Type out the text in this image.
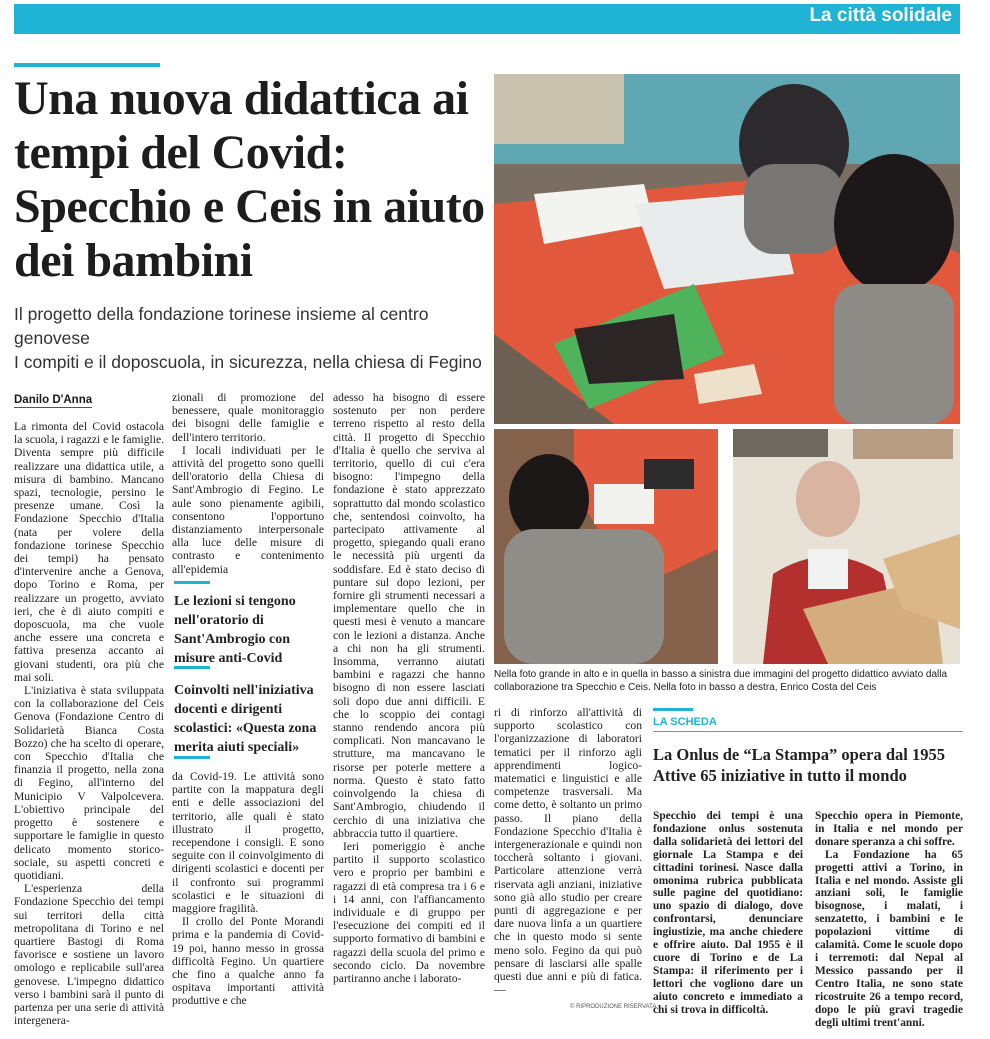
La città solidale
Una nuova didattica ai tempi del Covid: Specchio e Ceis in aiuto dei bambini
Il progetto della fondazione torinese insieme al centro genovese
I compiti e il doposcuola, in sicurezza, nella chiesa di Fegino
Danilo D'Anna

La rimonta del Covid ostacola la scuola, i ragazzi e le famiglie. Diventa sempre più difficile realizzare una didattica utile, a misura di bambino. Mancano spazi, tecnologie, persino le presenze umane. Così la Fondazione Specchio d'Italia (nata per volere della fondazione torinese Specchio dei tempi) ha pensato d'intervenire anche a Genova, dopo Torino e Roma, per realizzare un progetto, avviato ieri, che è di aiuto compiti e doposcuola, ma che vuole anche essere una concreta e fattiva presenza accanto ai giovani studenti, ora più che mai soli.

L'iniziativa è stata sviluppata con la collaborazione del Ceis Genova (Fondazione Centro di Solidarietà Bianca Costa Bozzo) che ha scelto di operare, con Specchio d'Italia che finanzia il progetto, nella zona di Fegino, all'interno del Municipio V Valpolcevera. L'obiettivo principale del progetto è sostenere e supportare le famiglie in questo delicato momento storico-sociale, su aspetti concreti e quotidiani.

L'esperienza della Fondazione Specchio dei tempi sui territori della città metropolitana di Torino e nel quartiere Bastogi di Roma favorisce e sostiene un lavoro omologo e replicabile sull'area genovese. L'impegno didattico verso i bambini sarà il punto di partenza per una serie di attività intergenera-

zionali di promozione del benessere, quale monitoraggio dei bisogni delle famiglie e dell'intero territorio.

I locali individuati per le attività del progetto sono quelli dell'oratorio della Chiesa di Sant'Ambrogio di Fegino. Le aule sono pienamente agibili, consentono l'opportuno distanziamento interpersonale alla luce delle misure di contrasto e contenimento all'epidemia

Le lezioni si tengono nell'oratorio di Sant'Ambrogio con misure anti-Covid
Coinvolti nell'iniziativa docenti e dirigenti scolastici: «Questa zona merita aiuti speciali»

da Covid-19. Le attività sono partite con la mappatura degli enti e delle associazioni del territorio, alle quali è stato illustrato il progetto, recependone i consigli. E sono seguite con il coinvolgimento di dirigenti scolastici e docenti per il confronto sui programmi scolastici e le situazioni di maggiore fragilità.

Il crollo del Ponte Morandi prima e la pandemia di Covid-19 poi, hanno messo in grossa difficoltà Fegino. Un quartiere che fino a qualche anno fa ospitava importanti attività produttive e che

adesso ha bisogno di essere sostenuto per non perdere terreno rispetto al resto della città. Il progetto di Specchio d'Italia è quello che serviva al territorio, quello di cui c'era bisogno: l'impegno della fondazione è stato apprezzato soprattutto dal mondo scolastico che, sentendosi coinvolto, ha partecipato attivamente al progetto, spiegando quali erano le necessità più urgenti da soddisfare. Ed è stato deciso di puntare sul dopo lezioni, per fornire gli strumenti necessari a implementare quello che in questi mesi è venuto a mancare con le lezioni a distanza. Anche a chi non ha gli strumenti. Insomma, verranno aiutati bambini e ragazzi che hanno bisogno di non essere lasciati soli dopo due anni difficili. E che lo scoppio dei contagi stanno rendendo ancora più complicati. Non mancavano le strutture, ma mancavano le risorse per poterle mettere a norma. Questo è stato fatto coinvolgendo la chiesa di Sant'Ambrogio, chiudendo il cerchio di una iniziativa che abbraccia tutto il quartiere.

Ieri pomeriggio è anche partito il supporto scolastico vero e proprio per bambini e ragazzi di età compresa tra i 6 e i 14 anni, con l'affiancamento individuale e di gruppo per l'esecuzione dei compiti ed il supporto formativo di bambini e ragazzi della scuola del primo e secondo ciclo. Da novembre partiranno anche i laborato-

ri di rinforzo all'attività di supporto scolastico con l'organizzazione di laboratori tematici per il rinforzo agli apprendimenti logico-matematici e linguistici e alle competenze trasversali. Ma come detto, è soltanto un primo passo. Il piano della Fondazione Specchio d'Italia è intergenerazionale e quindi non toccherà soltanto i giovani. Particolare attenzione verrà riservata agli anziani, iniziative sono già allo studio per creare punti di aggregazione e per dare nuova linfa a un quartiere che in questo modo si sente meno solo. Fegino da qui può pensare di lasciarsi alle spalle questi due anni e più di fatica. —

© RIPRODUZIONE RISERVATA
Nella foto grande in alto e in quella in basso a sinistra due immagini del progetto didattico avviato dalla collaborazione tra Specchio e Ceis. Nella foto in basso a destra, Enrico Costa del Ceis
LA SCHEDA
La Onlus de “La Stampa” opera dal 1955 Attive 65 iniziative in tutto il mondo

Specchio dei tempi è una fondazione onlus sostenuta dalla solidarietà dei lettori del giornale La Stampa e dei cittadini torinesi. Nasce dalla omonima rubrica pubblicata sulle pagine del quotidiano: uno spazio di dialogo, dove confrontarsi, denunciare ingiustizie, ma anche chiedere e offrire aiuto. Dal 1955 è il cuore di Torino e de La Stampa: il riferimento per i lettori che vogliono dare un aiuto concreto e immediato a chi si trova in difficoltà.

Specchio opera in Piemonte, in Italia e nel mondo per donare speranza a chi soffre.

La Fondazione ha 65 progetti attivi a Torino, in Italia e nel mondo. Assiste gli anziani soli, le famiglie bisognose, i malati, i senzatetto, i bambini e le popolazioni vittime di calamità. Come le scuole dopo i terremoti: dal Nepal al Messico passando per il Centro Italia, ne sono state ricostruite 26 a tempo record, dopo le più gravi tragedie degli ultimi trent'anni.
